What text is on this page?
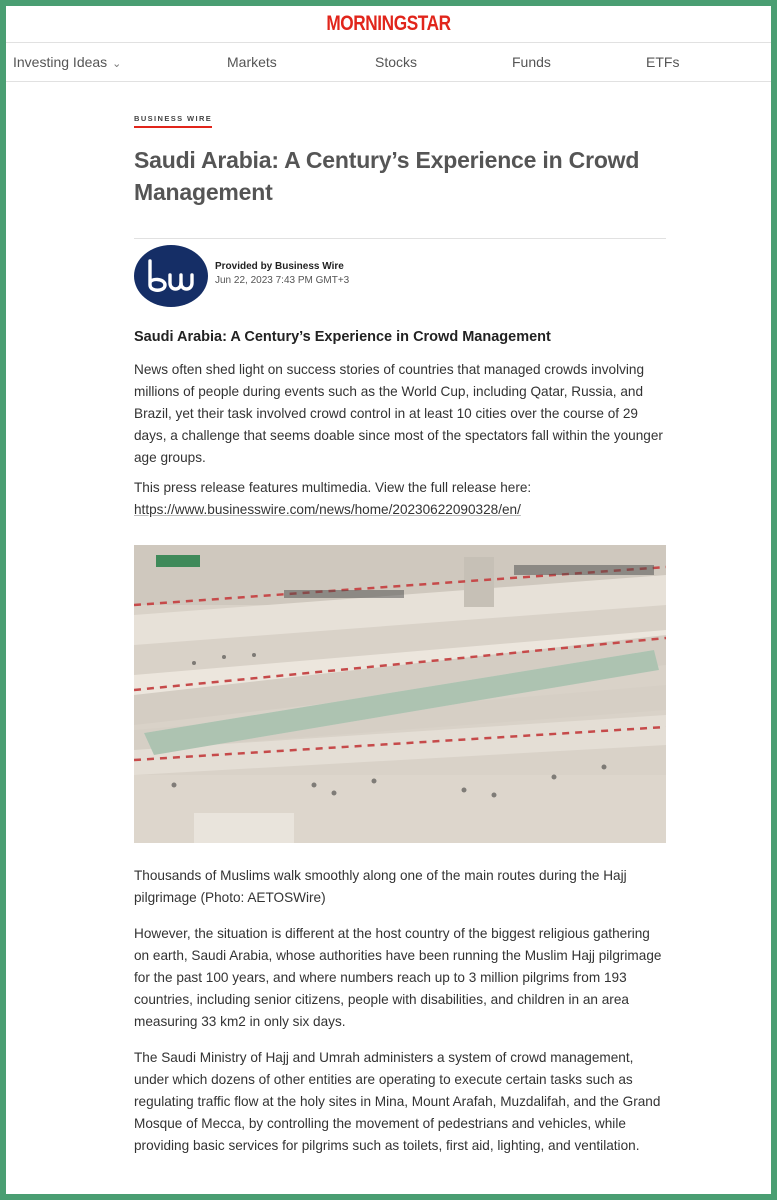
MORNINGSTAR
Investing Ideas ⌄	Markets	Stocks	Funds	ETFs
BUSINESS WIRE
Saudi Arabia: A Century’s Experience in Crowd Management
Provided by Business Wire
Jun 22, 2023 7:43 PM GMT+3
Saudi Arabia: A Century’s Experience in Crowd Management

News often shed light on success stories of countries that managed crowds involving millions of people during events such as the World Cup, including Qatar, Russia, and Brazil, yet their task involved crowd control in at least 10 cities over the course of 29 days, a challenge that seems doable since most of the spectators fall within the younger age groups.

This press release features multimedia. View the full release here:
https://www.businesswire.com/news/home/20230622090328/en/

Thousands of Muslims walk smoothly along one of the main routes during the Hajj pilgrimage (Photo: AETOSWire)

However, the situation is different at the host country of the biggest religious gathering on earth, Saudi Arabia, whose authorities have been running the Muslim Hajj pilgrimage for the past 100 years, and where numbers reach up to 3 million pilgrims from 193 countries, including senior citizens, people with disabilities, and children in an area measuring 33 km2 in only six days.

The Saudi Ministry of Hajj and Umrah administers a system of crowd management, under which dozens of other entities are operating to execute certain tasks such as regulating traffic flow at the holy sites in Mina, Mount Arafah, Muzdalifah, and the Grand Mosque of Mecca, by controlling the movement of pedestrians and vehicles, while providing basic services for pilgrims such as toilets, first aid, lighting, and ventilation.
